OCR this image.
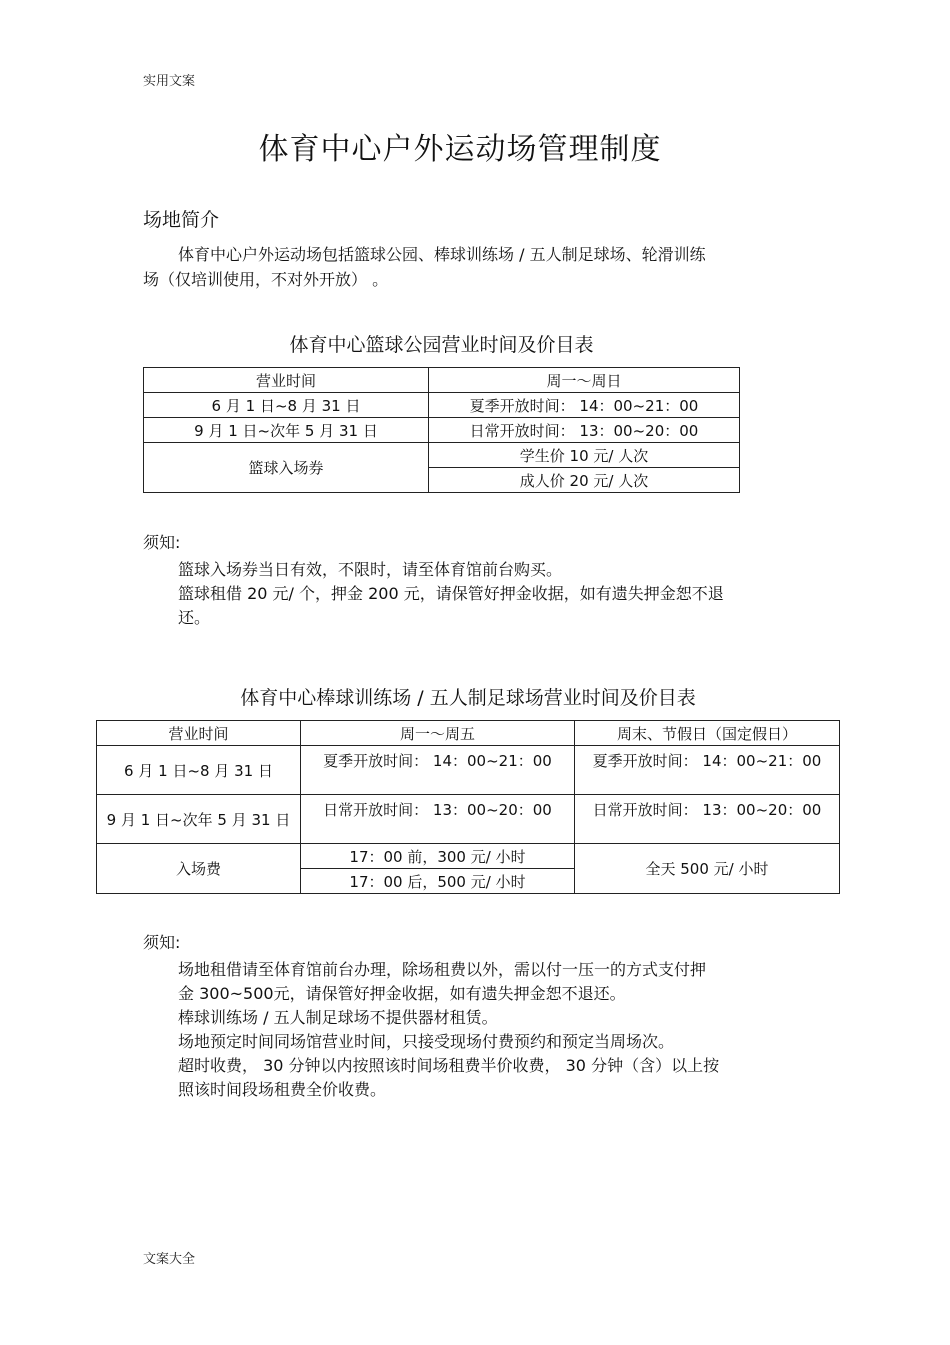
实用文案
体育中心户外运动场管理制度
场地简介
体育中心户外运动场包括篮球公园、棒球训练场 / 五人制足球场、轮滑训练
场（仅培训使用，不对外开放） 。
体育中心篮球公园营业时间及价目表
营业时间	周一～周日
6 月 1 日~8 月 31 日	夏季开放时间： 14：00~21：00
9 月 1 日~次年 5 月 31 日	日常开放时间： 13：00~20：00
篮球入场券	学生价 10 元/ 人次
	成人价 20 元/ 人次
须知:
篮球入场券当日有效，不限时，请至体育馆前台购买。
篮球租借 20 元/ 个，押金 200 元，请保管好押金收据，如有遗失押金恕不退
还。
体育中心棒球训练场 / 五人制足球场营业时间及价目表
营业时间	周一～周五	周末、节假日（国定假日）
6 月 1 日~8 月 31 日	夏季开放时间： 14：00~21：00	夏季开放时间： 14：00~21：00
9 月 1 日~次年 5 月 31 日	日常开放时间： 13：00~20：00	日常开放时间： 13：00~20：00
入场费	17：00 前，300 元/ 小时	全天 500 元/ 小时
	17：00 后，500 元/ 小时	
须知:
场地租借请至体育馆前台办理，除场租费以外，需以付一压一的方式支付押
金 300~500元，请保管好押金收据，如有遗失押金恕不退还。
棒球训练场 / 五人制足球场不提供器材租赁。
场地预定时间同场馆营业时间，只接受现场付费预约和预定当周场次。
超时收费， 30 分钟以内按照该时间场租费半价收费， 30 分钟（含）以上按
照该时间段场租费全价收费。
文案大全
